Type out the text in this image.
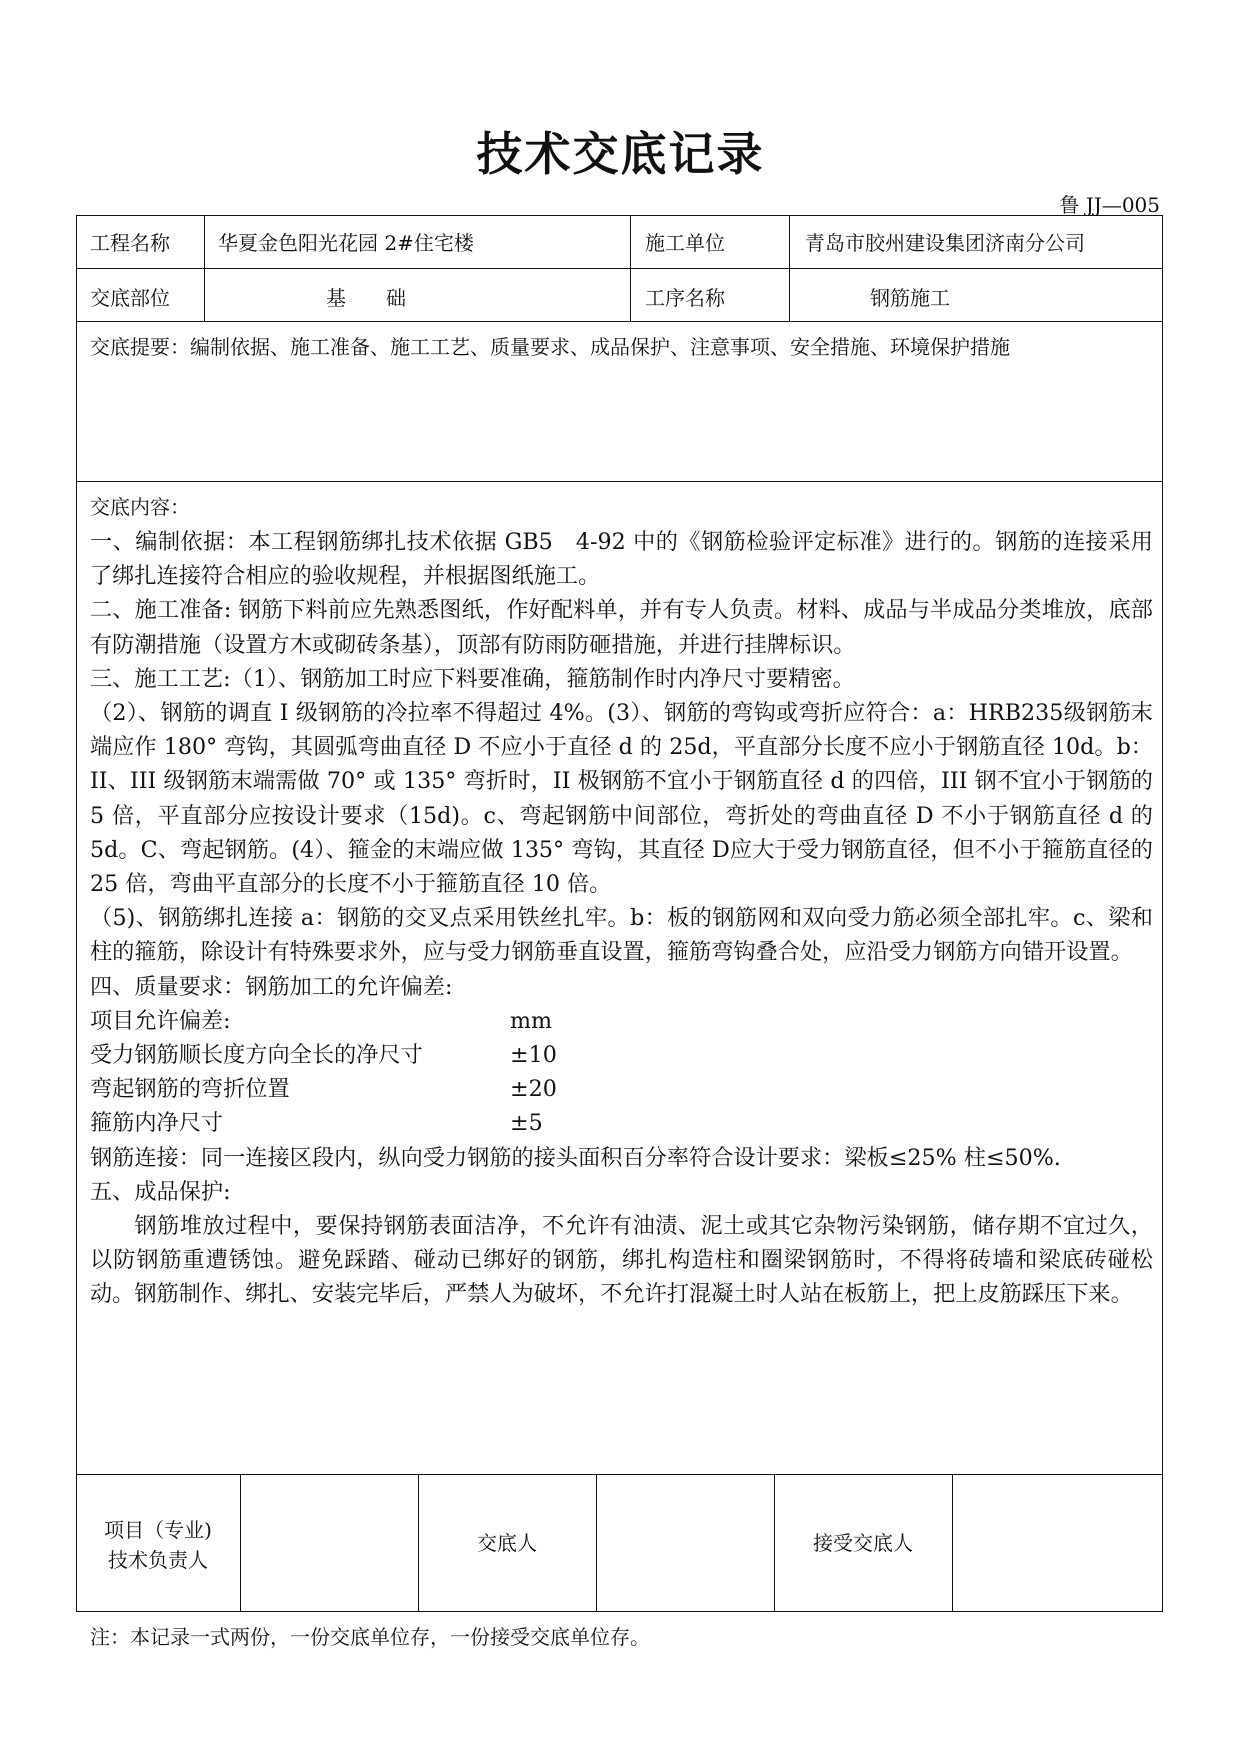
技术交底记录
鲁 JJ—005
工程名称 华夏金色阳光花园 2#住宅楼	施工单位	青岛市胶州建设集团济南分公司
交底部位	基　　础	工序名称	钢筋施工
交底提要：编制依据、施工准备、施工工艺、质量要求、成品保护、注意事项、安全措施、环境保护措施
交底内容：

一、编制依据：本工程钢筋绑扎技术依据 GB5　4-92 中的《钢筋检验评定标准》进行的。钢筋的连接采用了绑扎连接符合相应的验收规程，并根据图纸施工。

二、施工准备: 钢筋下料前应先熟悉图纸，作好配料单，并有专人负责。材料、成品与半成品分类堆放，底部有防潮措施（设置方木或砌砖条基），顶部有防雨防砸措施，并进行挂牌标识。

三、施工工艺:（1）、钢筋加工时应下料要准确，箍筋制作时内净尺寸要精密。

（2）、钢筋的调直 I 级钢筋的冷拉率不得超过 4%。(3）、钢筋的弯钩或弯折应符合：a：HRB235级钢筋末端应作 180° 弯钩，其圆弧弯曲直径 D 不应小于直径 d 的 25d，平直部分长度不应小于钢筋直径 10d。b：II、III 级钢筋末端需做 70° 或 135° 弯折时，II 极钢筋不宜小于钢筋直径 d 的四倍，III 钢不宜小于钢筋的 5 倍，平直部分应按设计要求（15d)。c、弯起钢筋中间部位，弯折处的弯曲直径 D 不小于钢筋直径 d 的 5d。C、弯起钢筋。(4）、箍金的末端应做 135° 弯钩，其直径 D应大于受力钢筋直径，但不小于箍筋直径的 25 倍，弯曲平直部分的长度不小于箍筋直径 10 倍。

（5)、钢筋绑扎连接 a：钢筋的交叉点采用铁丝扎牢。b：板的钢筋网和双向受力筋必须全部扎牢。c、梁和柱的箍筋，除设计有特殊要求外，应与受力钢筋垂直设置，箍筋弯钩叠合处，应沿受力钢筋方向错开设置。

四、质量要求：钢筋加工的允许偏差:

项目允许偏差:	mm
受力钢筋顺长度方向全长的净尺寸	±10
弯起钢筋的弯折位置	±20
箍筋内净尺寸	±5

钢筋连接：同一连接区段内，纵向受力钢筋的接头面积百分率符合设计要求：梁板≤25% 柱≤50%.

五、成品保护:

钢筋堆放过程中，要保持钢筋表面洁净，不允许有油渍、泥土或其它杂物污染钢筋，储存期不宜过久，以防钢筋重遭锈蚀。避免踩踏、碰动已绑好的钢筋，绑扎构造柱和圈梁钢筋时，不得将砖墙和梁底砖碰松动。钢筋制作、绑扎、安装完毕后，严禁人为破坏，不允许打混凝土时人站在板筋上，把上皮筋踩压下来。

项目（专业)
技术负责人
交底人	接受交底人
注：本记录一式两份，一份交底单位存，一份接受交底单位存。
